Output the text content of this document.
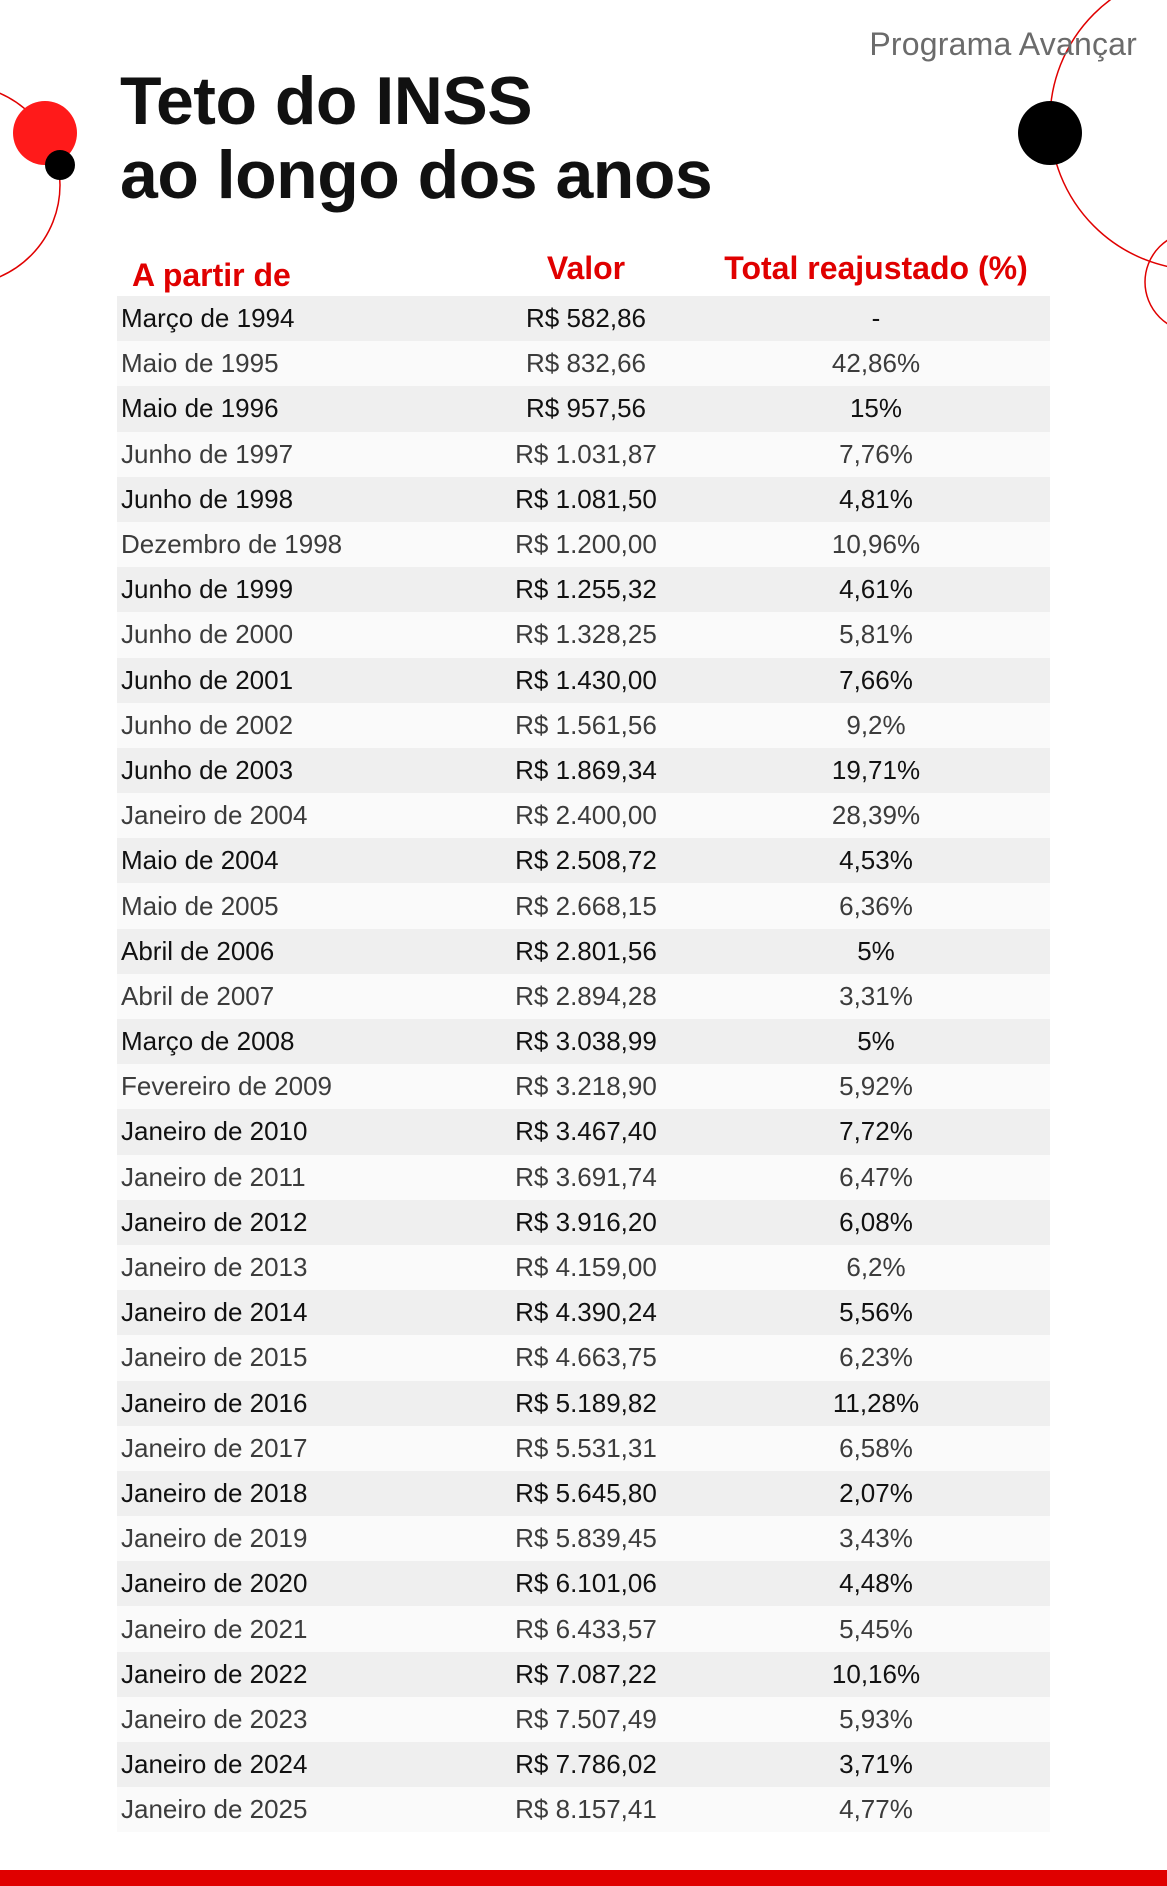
Programa Avançar
Teto do INSS
ao longo dos anos
A partir de	Valor	Total reajustado (%)
Março de 1994	R$ 582,86	-
Maio de 1995	R$ 832,66	42,86%
Maio de 1996	R$ 957,56	15%
Junho de 1997	R$ 1.031,87	7,76%
Junho de 1998	R$ 1.081,50	4,81%
Dezembro de 1998	R$ 1.200,00	10,96%
Junho de 1999	R$ 1.255,32	4,61%
Junho de 2000	R$ 1.328,25	5,81%
Junho de 2001	R$ 1.430,00	7,66%
Junho de 2002	R$ 1.561,56	9,2%
Junho de 2003	R$ 1.869,34	19,71%
Janeiro de 2004	R$ 2.400,00	28,39%
Maio de 2004	R$ 2.508,72	4,53%
Maio de 2005	R$ 2.668,15	6,36%
Abril de 2006	R$ 2.801,56	5%
Abril de 2007	R$ 2.894,28	3,31%
Março de 2008	R$ 3.038,99	5%
Fevereiro de 2009	R$ 3.218,90	5,92%
Janeiro de 2010	R$ 3.467,40	7,72%
Janeiro de 2011	R$ 3.691,74	6,47%
Janeiro de 2012	R$ 3.916,20	6,08%
Janeiro de 2013	R$ 4.159,00	6,2%
Janeiro de 2014	R$ 4.390,24	5,56%
Janeiro de 2015	R$ 4.663,75	6,23%
Janeiro de 2016	R$ 5.189,82	11,28%
Janeiro de 2017	R$ 5.531,31	6,58%
Janeiro de 2018	R$ 5.645,80	2,07%
Janeiro de 2019	R$ 5.839,45	3,43%
Janeiro de 2020	R$ 6.101,06	4,48%
Janeiro de 2021	R$ 6.433,57	5,45%
Janeiro de 2022	R$ 7.087,22	10,16%
Janeiro de 2023	R$ 7.507,49	5,93%
Janeiro de 2024	R$ 7.786,02	3,71%
Janeiro de 2025	R$ 8.157,41	4,77%
